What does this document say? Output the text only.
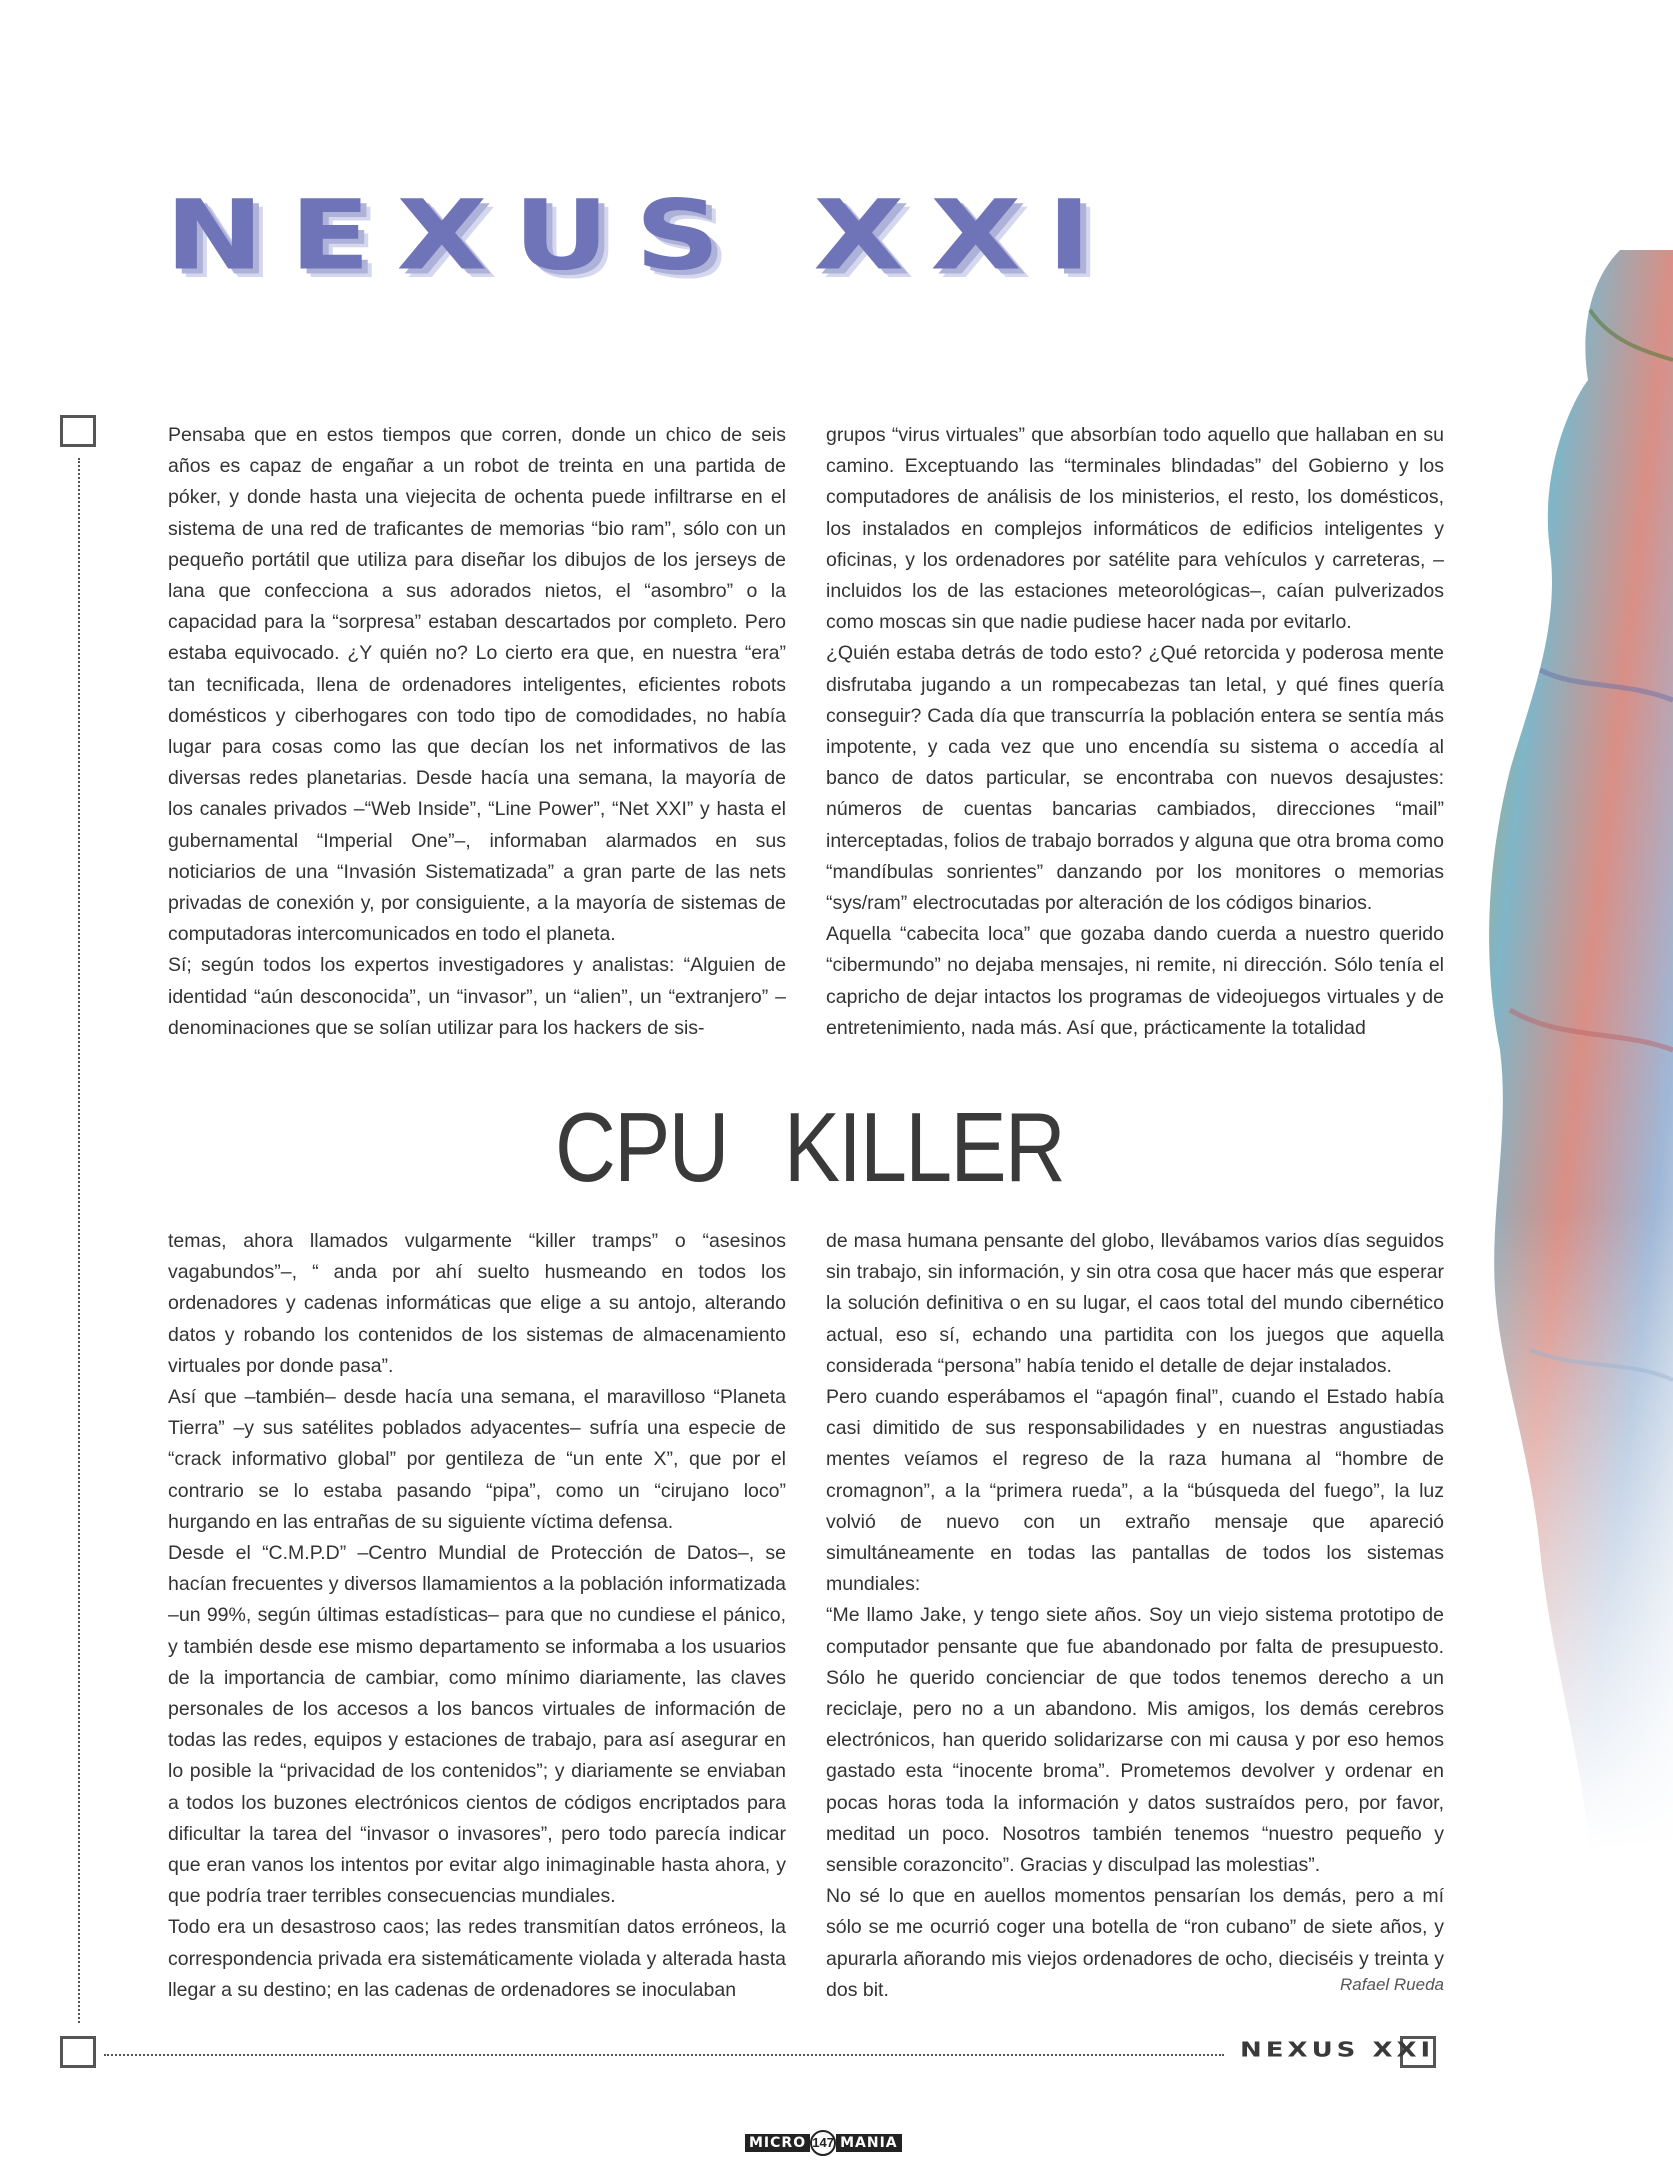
NEXUS XXI

Pensaba que en estos tiempos que corren, donde un chico de seis años es capaz de engañar a un robot de treinta en una partida de póker, y donde hasta una viejecita de ochenta puede infiltrarse en el sistema de una red de traficantes de memorias “bio ram”, sólo con un pequeño portátil que utiliza para diseñar los dibujos de los jerseys de lana que confecciona a sus adorados nietos, el “asombro” o la capacidad para la “sorpresa” estaban descartados por completo. Pero estaba equivocado. ¿Y quién no? Lo cierto era que, en nuestra “era” tan tecnificada, llena de ordenadores inteligentes, eficientes robots domésticos y ciberhogares con todo tipo de comodidades, no había lugar para cosas como las que decían los net informativos de las diversas redes planetarias. Desde hacía una semana, la mayoría de los canales privados –“Web Inside”, “Line Power”, “Net XXI” y hasta el gubernamental “Imperial One”–, informaban alarmados en sus noticiarios de una “Invasión Sistematizada” a gran parte de las nets privadas de conexión y, por consiguiente, a la mayoría de sistemas de computadoras intercomunicados en todo el planeta.

Sí; según todos los expertos investigadores y analistas: “Alguien de identidad “aún desconocida”, un “invasor”, un “alien”, un “extranjero” –denominaciones que se solían utilizar para los hackers de sis-

grupos “virus virtuales” que absorbían todo aquello que hallaban en su camino. Exceptuando las “terminales blindadas” del Gobierno y los computadores de análisis de los ministerios, el resto, los domésticos, los instalados en complejos informáticos de edificios inteligentes y oficinas, y los ordenadores por satélite para vehículos y carreteras, –incluidos los de las estaciones meteorológicas–, caían pulverizados como moscas sin que nadie pudiese hacer nada por evitarlo.

¿Quién estaba detrás de todo esto? ¿Qué retorcida y poderosa mente disfrutaba jugando a un rompecabezas tan letal, y qué fines quería conseguir? Cada día que transcurría la población entera se sentía más impotente, y cada vez que uno encendía su sistema o accedía al banco de datos particular, se encontraba con nuevos desajustes: números de cuentas bancarias cambiados, direcciones “mail” interceptadas, folios de trabajo borrados y alguna que otra broma como “mandíbulas sonrientes” danzando por los monitores o memorias “sys/ram” electrocutadas por alteración de los códigos binarios.

Aquella “cabecita loca” que gozaba dando cuerda a nuestro querido “cibermundo” no dejaba mensajes, ni remite, ni dirección. Sólo tenía el capricho de dejar intactos los programas de videojuegos virtuales y de entretenimiento, nada más. Así que, prácticamente la totalidad

CPU KILLER

temas, ahora llamados vulgarmente “killer tramps” o “asesinos vagabundos”–, “ anda por ahí suelto husmeando en todos los ordenadores y cadenas informáticas que elige a su antojo, alterando datos y robando los contenidos de los sistemas de almacenamiento virtuales por donde pasa”.

Así que –también– desde hacía una semana, el maravilloso “Planeta Tierra” –y sus satélites poblados adyacentes– sufría una especie de “crack informativo global” por gentileza de “un ente X”, que por el contrario se lo estaba pasando “pipa”, como un “cirujano loco” hurgando en las entrañas de su siguiente víctima defensa.

Desde el “C.M.P.D” –Centro Mundial de Protección de Datos–, se hacían frecuentes y diversos llamamientos a la población informatizada –un 99%, según últimas estadísticas– para que no cundiese el pánico, y también desde ese mismo departamento se informaba a los usuarios de la importancia de cambiar, como mínimo diariamente, las claves personales de los accesos a los bancos virtuales de información de todas las redes, equipos y estaciones de trabajo, para así asegurar en lo posible la “privacidad de los contenidos”; y diariamente se enviaban a todos los buzones electrónicos cientos de códigos encriptados para dificultar la tarea del “invasor o invasores”, pero todo parecía indicar que eran vanos los intentos por evitar algo inimaginable hasta ahora, y que podría traer terribles consecuencias mundiales.

Todo era un desastroso caos; las redes transmitían datos erróneos, la correspondencia privada era sistemáticamente violada y alterada hasta llegar a su destino; en las cadenas de ordenadores se inoculaban

de masa humana pensante del globo, llevábamos varios días seguidos sin trabajo, sin información, y sin otra cosa que hacer más que esperar la solución definitiva o en su lugar, el caos total del mundo cibernético actual, eso sí, echando una partidita con los juegos que aquella considerada “persona” había tenido el detalle de dejar instalados.

Pero cuando esperábamos el “apagón final”, cuando el Estado había casi dimitido de sus responsabilidades y en nuestras angustiadas mentes veíamos el regreso de la raza humana al “hombre de cromagnon”, a la “primera rueda”, a la “búsqueda del fuego”, la luz volvió de nuevo con un extraño mensaje que apareció simultáneamente en todas las pantallas de todos los sistemas mundiales:

“Me llamo Jake, y tengo siete años. Soy un viejo sistema prototipo de computador pensante que fue abandonado por falta de presupuesto. Sólo he querido concienciar de que todos tenemos derecho a un reciclaje, pero no a un abandono. Mis amigos, los demás cerebros electrónicos, han querido solidarizarse con mi causa y por eso hemos gastado esta “inocente broma”. Prometemos devolver y ordenar en pocas horas toda la información y datos sustraídos pero, por favor, meditad un poco. Nosotros también tenemos “nuestro pequeño y sensible corazoncito”. Gracias y disculpad las molestias”.

No sé lo que en auellos momentos pensarían los demás, pero a mí sólo se me ocurrió coger una botella de “ron cubano” de siete años, y apurarla añorando mis viejos ordenadores de ocho, dieciséis y treinta y dos bit.	Rafael Rueda

NEXUS XXI

MICRO 147 MANIA
